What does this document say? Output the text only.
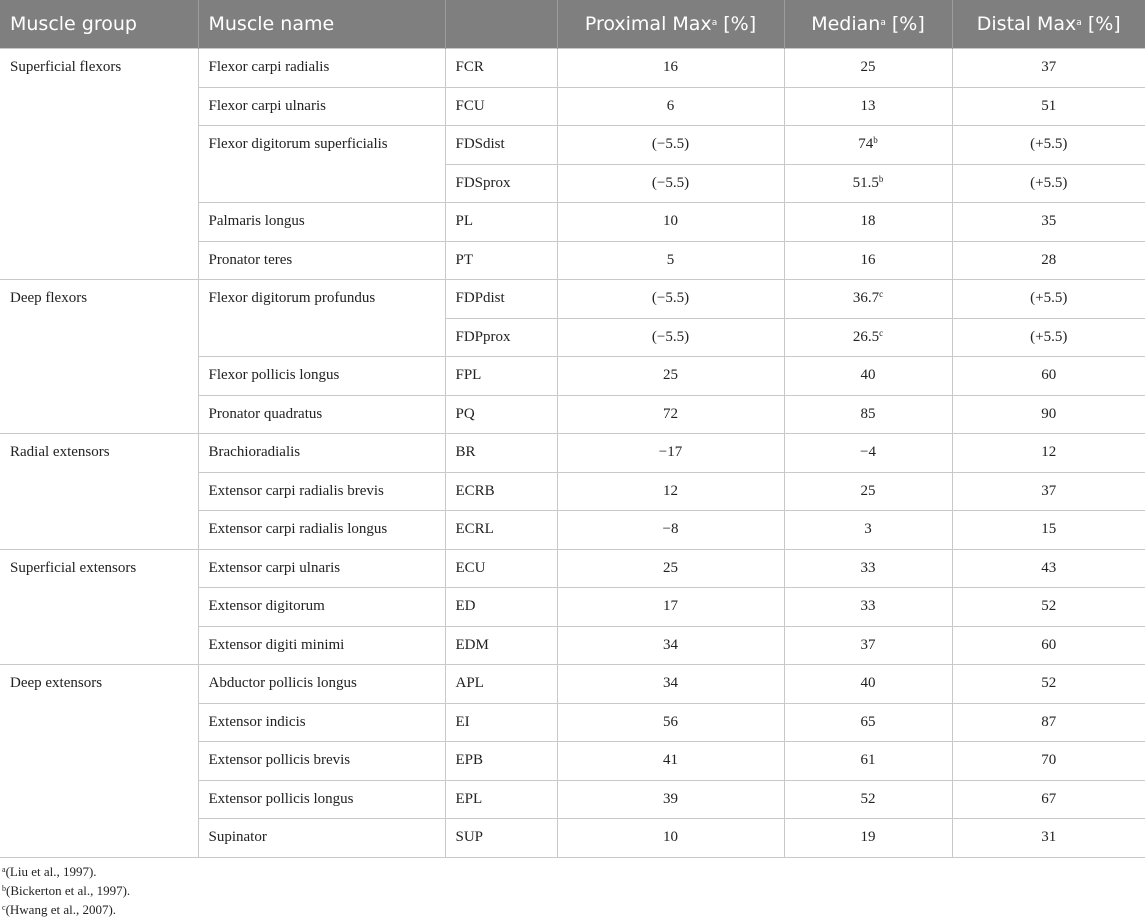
Muscle group	Muscle name		Proximal Max$^a$ [%]	Median$^a$ [%]	Distal Max$^a$ [%]
Superficial flexors	Flexor carpi radialis	FCR	16	25	37
	Flexor carpi ulnaris	FCU	6	13	51
	Flexor digitorum superficialis	FDSdist	(−5.5)	74$^b$	(+5.5)
		FDSprox	(−5.5)	51.5$^b$	(+5.5)
	Palmaris longus	PL	10	18	35
	Pronator teres	PT	5	16	28
Deep flexors	Flexor digitorum profundus	FDPdist	(−5.5)	36.7$^c$	(+5.5)
		FDPprox	(−5.5)	26.5$^c$	(+5.5)
	Flexor pollicis longus	FPL	25	40	60
	Pronator quadratus	PQ	72	85	90
Radial extensors	Brachioradialis	BR	−17	−4	12
	Extensor carpi radialis brevis	ECRB	12	25	37
	Extensor carpi radialis longus	ECRL	−8	3	15
Superficial extensors	Extensor carpi ulnaris	ECU	25	33	43
	Extensor digitorum	ED	17	33	52
	Extensor digiti minimi	EDM	34	37	60
Deep extensors	Abductor pollicis longus	APL	34	40	52
	Extensor indicis	EI	56	65	87
	Extensor pollicis brevis	EPB	41	61	70
	Extensor pollicis longus	EPL	39	52	67
	Supinator	SUP	10	19	31
$^a$(Liu et al., 1997).
$^b$(Bickerton et al., 1997).
$^c$(Hwang et al., 2007).
